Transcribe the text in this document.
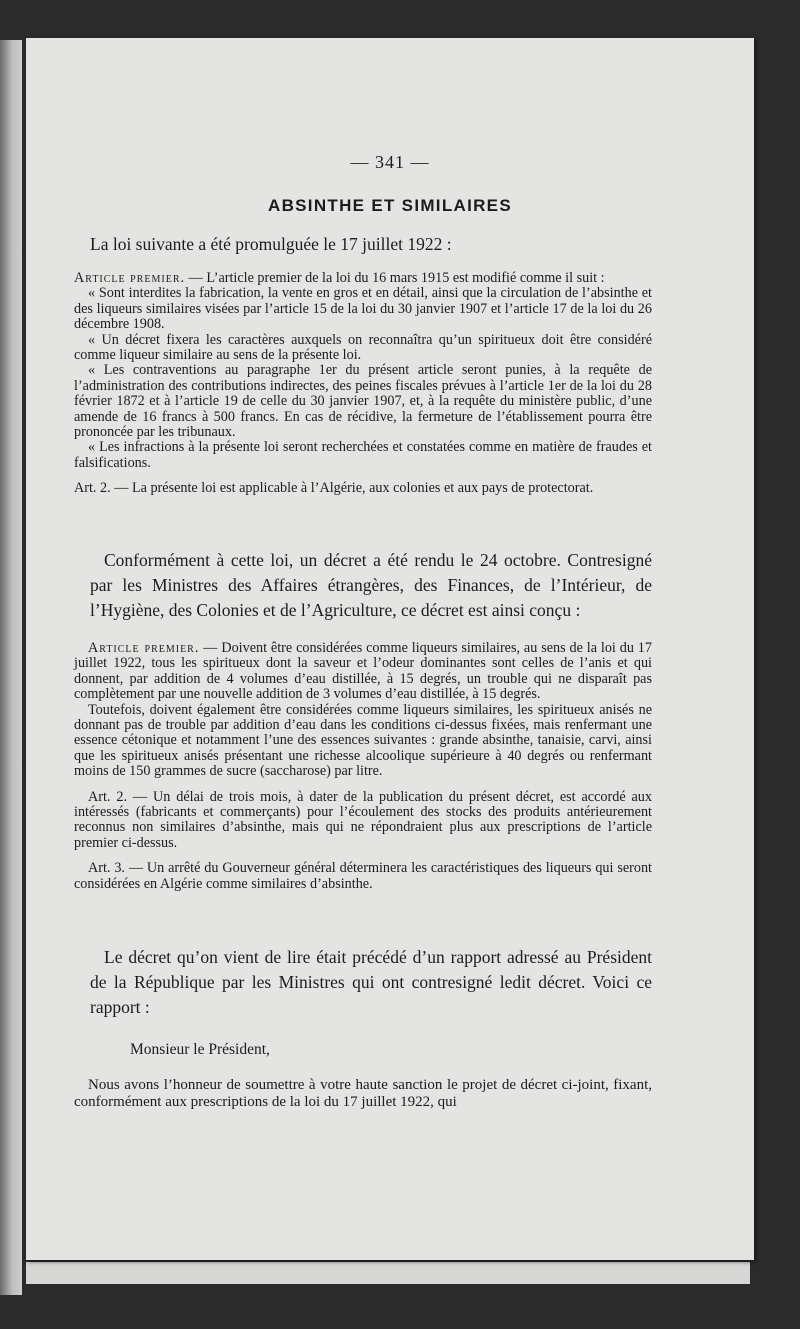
— 341 —
ABSINTHE ET SIMILAIRES
La loi suivante a été promulguée le 17 juillet 1922 :

Article premier. — L’article premier de la loi du 16 mars 1915 est modifié comme il suit :

« Sont interdites la fabrication, la vente en gros et en détail, ainsi que la circulation de l’absinthe et des liqueurs similaires visées par l’article 15 de la loi du 30 janvier 1907 et l’article 17 de la loi du 26 décembre 1908.

« Un décret fixera les caractères auxquels on reconnaîtra qu’un spiritueux doit être considéré comme liqueur similaire au sens de la présente loi.

« Les contraventions au paragraphe 1er du présent article seront punies, à la requête de l’administration des contributions indirectes, des peines fiscales prévues à l’article 1er de la loi du 28 février 1872 et à l’article 19 de celle du 30 janvier 1907, et, à la requête du ministère public, d’une amende de 16 francs à 500 francs. En cas de récidive, la fermeture de l’établissement pourra être prononcée par les tribunaux.

« Les infractions à la présente loi seront recherchées et constatées comme en matière de fraudes et falsifications.

Art. 2. — La présente loi est applicable à l’Algérie, aux colonies et aux pays de protectorat.

Conformément à cette loi, un décret a été rendu le 24 octobre. Contresigné par les Ministres des Affaires étrangères, des Finances, de l’Intérieur, de l’Hygiène, des Colonies et de l’Agriculture, ce décret est ainsi conçu :

Article premier. — Doivent être considérées comme liqueurs similaires, au sens de la loi du 17 juillet 1922, tous les spiritueux dont la saveur et l’odeur dominantes sont celles de l’anis et qui donnent, par addition de 4 volumes d’eau distillée, à 15 degrés, un trouble qui ne disparaît pas complètement par une nouvelle addition de 3 volumes d’eau distillée, à 15 degrés.

Toutefois, doivent également être considérées comme liqueurs similaires, les spiritueux anisés ne donnant pas de trouble par addition d’eau dans les conditions ci-dessus fixées, mais renfermant une essence cétonique et notamment l’une des essences suivantes : grande absinthe, tanaisie, carvi, ainsi que les spiritueux anisés présentant une richesse alcoolique supérieure à 40 degrés ou renfermant moins de 150 grammes de sucre (saccharose) par litre.

Art. 2. — Un délai de trois mois, à dater de la publication du présent décret, est accordé aux intéressés (fabricants et commerçants) pour l’écoulement des stocks des produits antérieurement reconnus non similaires d’absinthe, mais qui ne répondraient plus aux prescriptions de l’article premier ci-dessus.

Art. 3. — Un arrêté du Gouverneur général déterminera les caractéristiques des liqueurs qui seront considérées en Algérie comme similaires d’absinthe.

Le décret qu’on vient de lire était précédé d’un rapport adressé au Président de la République par les Ministres qui ont contresigné ledit décret. Voici ce rapport :

Monsieur le Président,

Nous avons l’honneur de soumettre à votre haute sanction le projet de décret ci-joint, fixant, conformément aux prescriptions de la loi du 17 juillet 1922, qui
